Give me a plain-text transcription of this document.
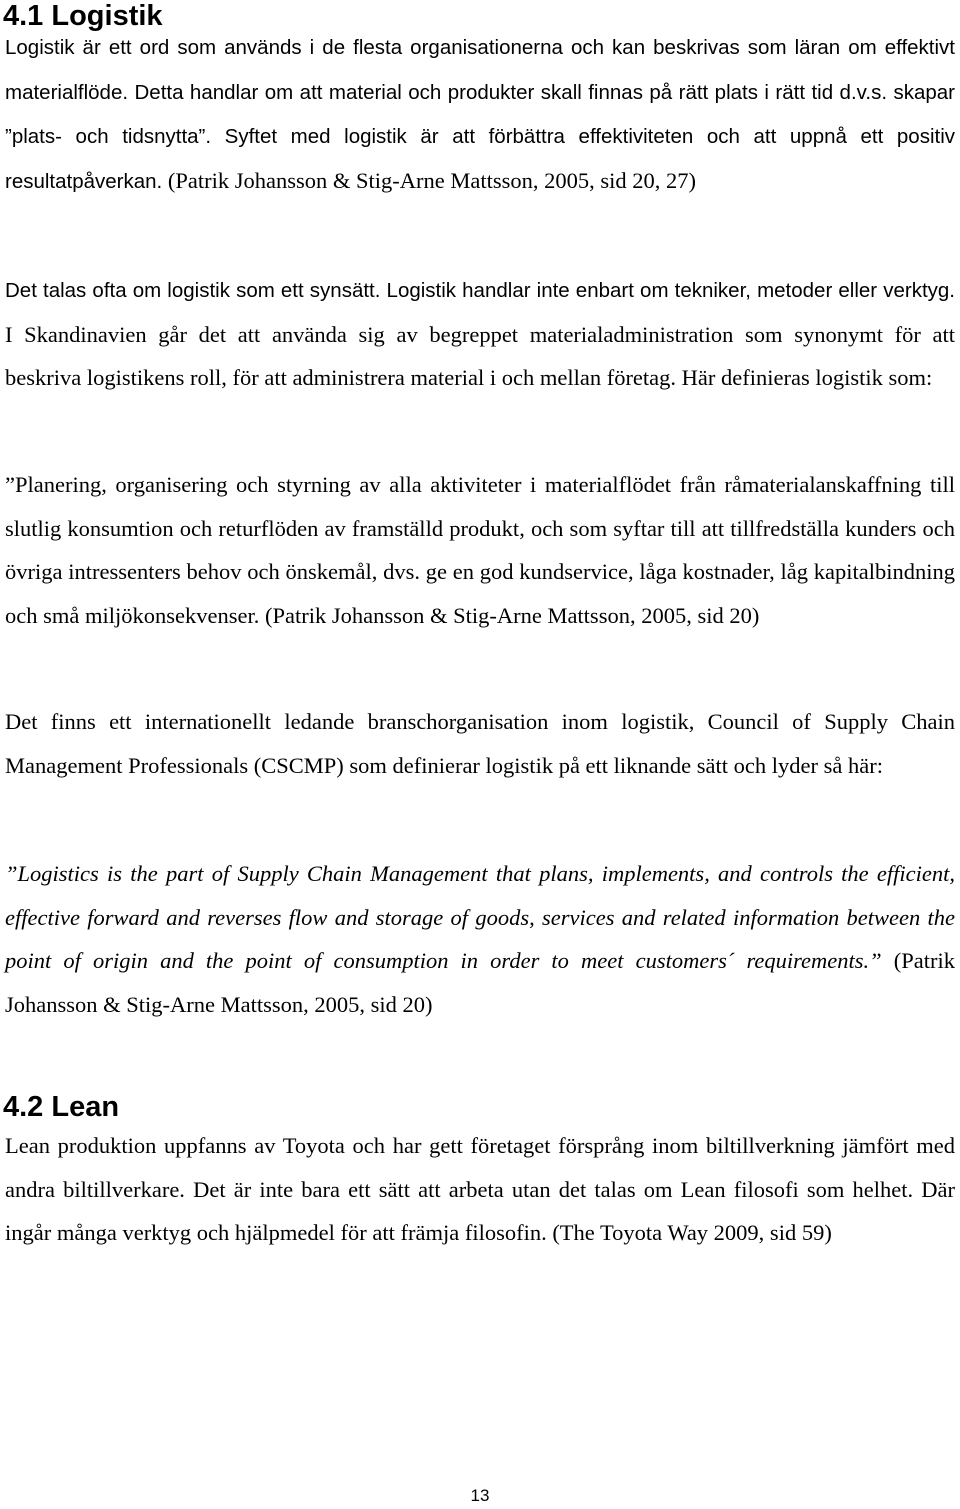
4.1 Logistik

Logistik är ett ord som används i de flesta organisationerna och kan beskrivas som läran om effektivt materialflöde. Detta handlar om att material och produkter skall finnas på rätt plats i rätt tid d.v.s. skapar ”plats- och tidsnytta”. Syftet med logistik är att förbättra effektiviteten och att uppnå ett positiv resultatpåverkan. (Patrik Johansson & Stig-Arne Mattsson, 2005, sid 20, 27)

Det talas ofta om logistik som ett synsätt. Logistik handlar inte enbart om tekniker, metoder eller verktyg. I Skandinavien går det att använda sig av begreppet materialadministration som synonymt för att beskriva logistikens roll, för att administrera material i och mellan företag. Här definieras logistik som:

”Planering, organisering och styrning av alla aktiviteter i materialflödet från råmaterialanskaffning till slutlig konsumtion och returflöden av framställd produkt, och som syftar till att tillfredställa kunders och övriga intressenters behov och önskemål, dvs. ge en god kundservice, låga kostnader, låg kapitalbindning och små miljökonsekvenser. (Patrik Johansson & Stig-Arne Mattsson, 2005, sid 20)

Det finns ett internationellt ledande branschorganisation inom logistik, Council of Supply Chain Management Professionals (CSCMP) som definierar logistik på ett liknande sätt och lyder så här:

”Logistics is the part of Supply Chain Management that plans, implements, and controls the efficient, effective forward and reverses flow and storage of goods, services and related information between the point of origin and the point of consumption in order to meet customers´ requirements.” (Patrik Johansson & Stig-Arne Mattsson, 2005, sid 20)

4.2 Lean

Lean produktion uppfanns av Toyota och har gett företaget försprång inom biltillverkning jämfört med andra biltillverkare. Det är inte bara ett sätt att arbeta utan det talas om Lean filosofi som helhet. Där ingår många verktyg och hjälpmedel för att främja filosofin. (The Toyota Way 2009, sid 59)

13
